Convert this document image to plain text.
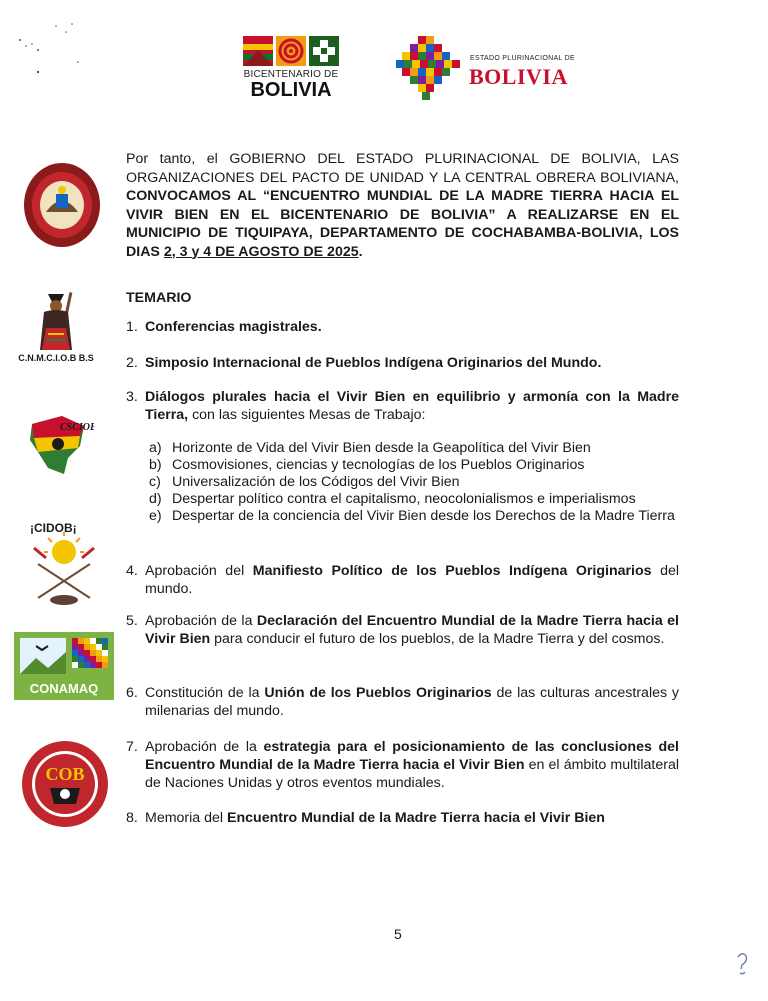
BICENTENARIO DE
BOLIVIA
ESTADO PLURINACIONAL DE
BOLIVIA
C.N.M.C.I.O.B B.S
CSCIOB
¡CIDOB¡
CONAMAQ
COB
Por tanto, el GOBIERNO DEL ESTADO PLURINACIONAL DE BOLIVIA, LAS ORGANIZACIONES DEL PACTO DE UNIDAD Y LA CENTRAL OBRERA BOLIVIANA, CONVOCAMOS AL “ENCUENTRO MUNDIAL DE LA MADRE TIERRA HACIA EL VIVIR BIEN EN EL BICENTENARIO DE BOLIVIA” A REALIZARSE EN EL MUNICIPIO DE TIQUIPAYA, DEPARTAMENTO DE COCHABAMBA-BOLIVIA, LOS DIAS 2, 3 y 4 DE AGOSTO DE 2025.
TEMARIO
1. Conferencias magistrales.
2. Simposio Internacional de Pueblos Indígena Originarios del Mundo.
3. Diálogos plurales hacia el Vivir Bien en equilibrio y armonía con la Madre Tierra, con las siguientes Mesas de Trabajo:
a) Horizonte de Vida del Vivir Bien desde la Geapolítica del Vivir Bien
b) Cosmovisiones, ciencias y tecnologías de los Pueblos Originarios
c) Universalización de los Códigos del Vivir Bien
d) Despertar político contra el capitalismo, neocolonialismos e imperialismos
e) Despertar de la conciencia del Vivir Bien desde los Derechos de la Madre Tierra
4. Aprobación del Manifiesto Político de los Pueblos Indígena Originarios del mundo.
5. Aprobación de la Declaración del Encuentro Mundial de la Madre Tierra hacia el Vivir Bien para conducir el futuro de los pueblos, de la Madre Tierra y del cosmos.
6. Constitución de la Unión de los Pueblos Originarios de las culturas ancestrales y milenarias del mundo.
7. Aprobación de la estrategia para el posicionamiento de las conclusiones del Encuentro Mundial de la Madre Tierra hacia el Vivir Bien en el ámbito multilateral de Naciones Unidas y otros eventos mundiales.
8. Memoria del Encuentro Mundial de la Madre Tierra hacia el Vivir Bien
5
